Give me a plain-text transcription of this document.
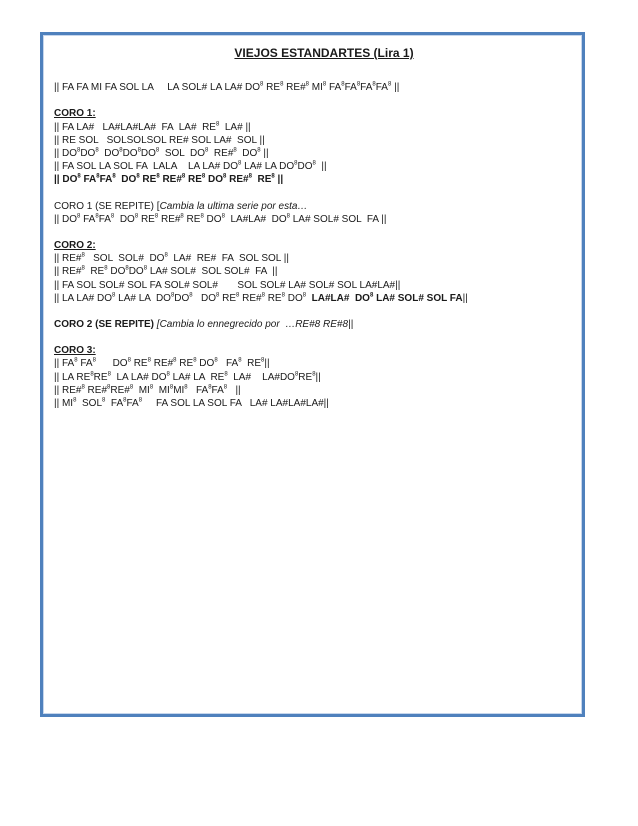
VIEJOS ESTANDARTES (Lira 1)
|| FA FA MI FA SOL LA     LA SOL# LA LA# $DO^8$ $RE^8$ RE#$^8$ $MI^8$ $FA^8FA^8FA^8FA^8$ ||
CORO 1:
|| FA LA#   LA#LA#LA#  FA  LA#  $RE^8$  LA# ||
|| RE SOL   SOLSOLSOL RE# SOL LA#  SOL ||
|| $DO^8DO^8$  $DO^8DO^8DO^8$  SOL  $DO^8$  RE#$^8$  $DO^8$ ||
|| FA SOL LA SOL FA  LALA    LA LA# $DO^8$ LA# LA $DO^8DO^8$  ||
|| $DO^8$ $FA^8FA^8$  $DO^8$ $RE^8$ RE#$^8$ $RE^8$ $DO^8$ RE#$^8$  $RE^8$ ||
CORO 1 (SE REPITE) [Cambia la ultima serie por esta…
|| $DO^8$ $FA^8FA^8$  $DO^8$ $RE^8$ RE#$^8$ $RE^8$ $DO^8$  LA#LA#  $DO^8$ LA# SOL# SOL  FA ||
CORO 2:
|| RE#$^8$   SOL  SOL#  $DO^8$  LA#  RE#  FA  SOL SOL ||
|| RE#$^8$  $RE^8$ $DO^8DO^8$ LA# SOL#  SOL SOL#  FA  ||
|| FA SOL SOL# SOL FA SOL# SOL#       SOL SOL# LA# SOL# SOL LA#LA#||
|| LA LA# $DO^8$ LA# LA  $DO^8DO^8$   $DO^8$ $RE^8$ RE#$^8$ $RE^8$ $DO^8$ LA#LA#  $DO^8$ LA# SOL# SOL FA||
CORO 2 (SE REPITE) [Cambia lo ennegrecido por  …RE#8 RE#8||
CORO 3:
|| $FA^8$ $FA^8$      $DO^8$ $RE^8$ RE#$^8$ $RE^8$ $DO^8$   $FA^8$  $RE^8||$
|| LA $RE^8RE^8$  LA LA# $DO^8$ LA# LA  $RE^8$  LA#    $LA\#DO^8RE^8||$
|| RE#$^8$ RE#$^8$RE#$^8$  $MI^8$  $MI^8MI^8$   $FA^8FA^8$   ||
|| $MI^8$  SOL$^8$  $FA^8FA^8$     FA SOL LA SOL FA   LA# LA#LA#LA#||
